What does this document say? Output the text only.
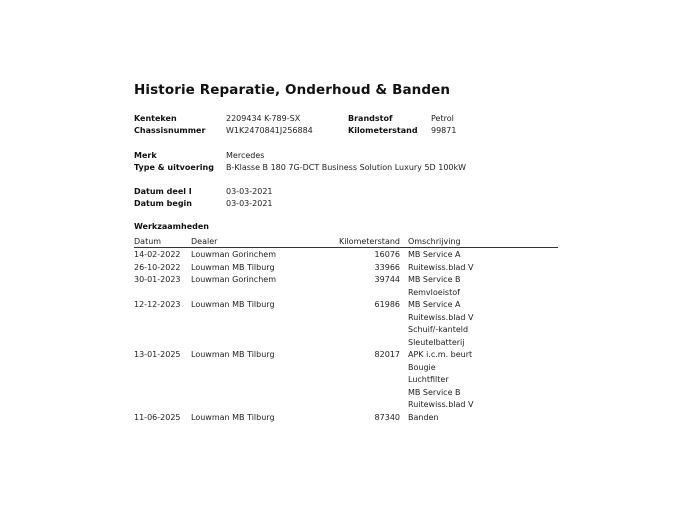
Historie Reparatie, Onderhoud & Banden
Kenteken	2209434 K-789-SX	Brandstof	Petrol
Chassisnummer	W1K2470841J256884	Kilometerstand 99871
Merk	Mercedes
Type & uitvoering B-Klasse B 180 7G-DCT Business Solution Luxury 5D 100kW
Datum deel I	03-03-2021
Datum begin	03-03-2021
Werkzaamheden
Datum	Dealer	Kilometerstand Omschrijving
14-02-2022 Louwman Gorinchem	16076 MB Service A
26-10-2022 Louwman MB Tilburg	33966 Ruitewiss.blad V
30-01-2023 Louwman Gorinchem	39744 MB Service B
Remvloeistof
12-12-2023 Louwman MB Tilburg	61986 MB Service A
Ruitewiss.blad V
Schuif/-kanteld
Sleutelbatterij
13-01-2025 Louwman MB Tilburg	82017 APK i.c.m. beurt
Bougie
Luchtfilter
MB Service B
Ruitewiss.blad V
11-06-2025 Louwman MB Tilburg	87340 Banden
